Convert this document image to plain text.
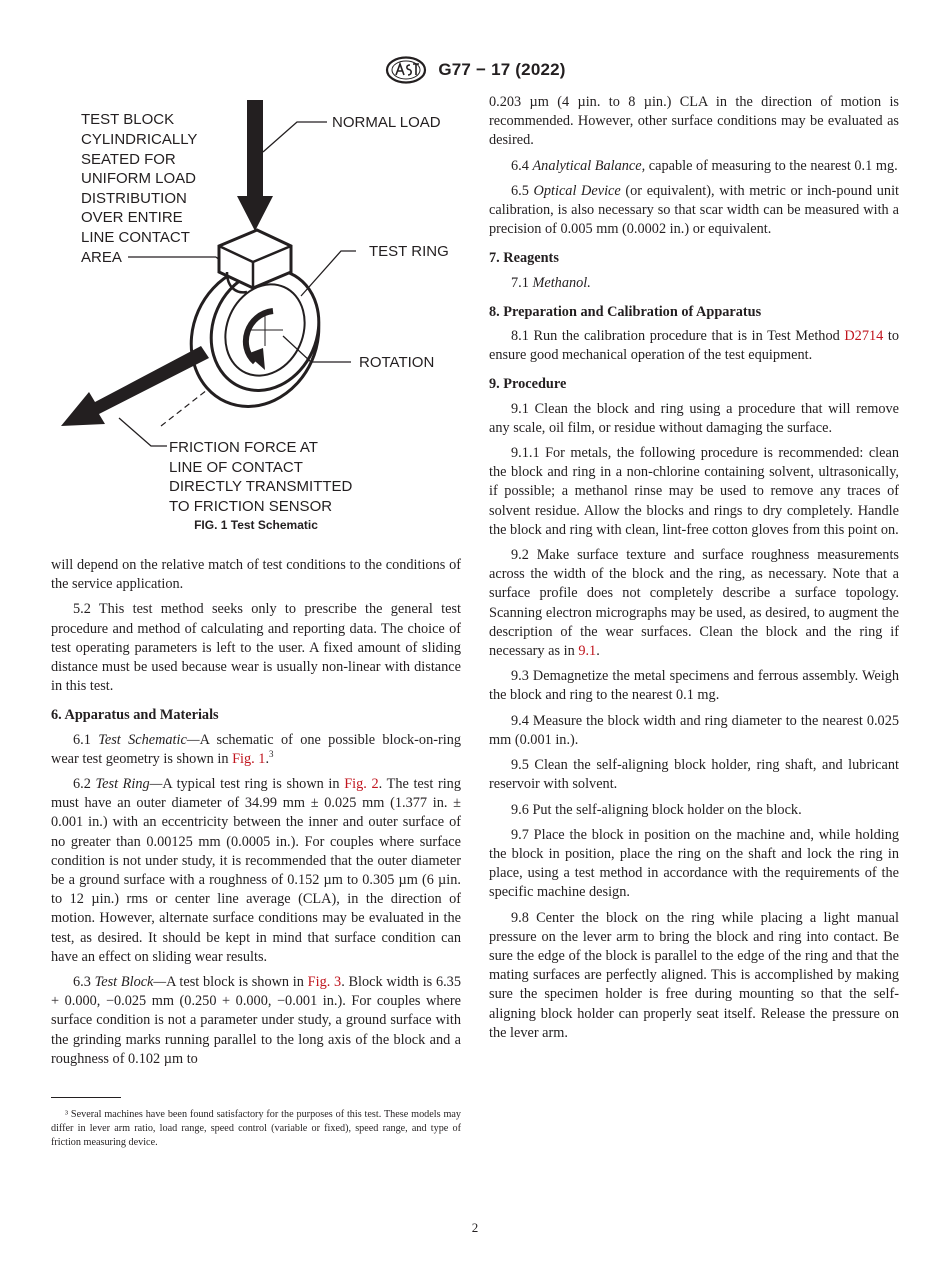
G77 − 17 (2022)
TEST BLOCK
CYLINDRICALLY
SEATED FOR
UNIFORM LOAD
DISTRIBUTION
OVER ENTIRE
LINE CONTACT
AREA
NORMAL LOAD
TEST RING
ROTATION
FRICTION FORCE AT
LINE OF CONTACT
DIRECTLY TRANSMITTED
TO FRICTION SENSOR
FIG. 1 Test Schematic

will depend on the relative match of test conditions to the conditions of the service application.

5.2 This test method seeks only to prescribe the general test procedure and method of calculating and reporting data. The choice of test operating parameters is left to the user. A fixed amount of sliding distance must be used because wear is usually non-linear with distance in this test.

6. Apparatus and Materials

6.1 Test Schematic—A schematic of one possible block-on-ring wear test geometry is shown in Fig. 1.$^3$

6.2 Test Ring—A typical test ring is shown in Fig. 2. The test ring must have an outer diameter of 34.99 mm ± 0.025 mm (1.377 in. ± 0.001 in.) with an eccentricity between the inner and outer surface of no greater than 0.00125 mm (0.0005 in.). For couples where surface condition is not under study, it is recommended that the outer diameter be a ground surface with a roughness of 0.152 µm to 0.305 µm (6 µin. to 12 µin.) rms or center line average (CLA), in the direction of motion. However, alternate surface conditions may be evaluated in the test, as desired. It should be kept in mind that surface condition can have an effect on sliding wear results.

6.3 Test Block—A test block is shown in Fig. 3. Block width is 6.35 + 0.000, −0.025 mm (0.250 + 0.000, −0.001 in.). For couples where surface condition is not a parameter under study, a ground surface with the grinding marks running parallel to the long axis of the block and a roughness of 0.102 µm to

³ Several machines have been found satisfactory for the purposes of this test. These models may differ in lever arm ratio, load range, speed control (variable or fixed), speed range, and type of friction measuring device.

0.203 µm (4 µin. to 8 µin.) CLA in the direction of motion is recommended. However, other surface conditions may be evaluated as desired.

6.4 Analytical Balance, capable of measuring to the nearest 0.1 mg.

6.5 Optical Device (or equivalent), with metric or inch-pound unit calibration, is also necessary so that scar width can be measured with a precision of 0.005 mm (0.0002 in.) or equivalent.

7. Reagents

7.1 Methanol.

8. Preparation and Calibration of Apparatus

8.1 Run the calibration procedure that is in Test Method D2714 to ensure good mechanical operation of the test equipment.

9. Procedure

9.1 Clean the block and ring using a procedure that will remove any scale, oil film, or residue without damaging the surface.

9.1.1 For metals, the following procedure is recommended: clean the block and ring in a non-chlorine containing solvent, ultrasonically, if possible; a methanol rinse may be used to remove any traces of solvent residue. Allow the blocks and rings to dry completely. Handle the block and ring with clean, lint-free cotton gloves from this point on.

9.2 Make surface texture and surface roughness measurements across the width of the block and the ring, as necessary. Note that a surface profile does not completely describe a surface topology. Scanning electron micrographs may be used, as desired, to augment the description of the wear surfaces. Clean the block and the ring if necessary as in 9.1.

9.3 Demagnetize the metal specimens and ferrous assembly. Weigh the block and ring to the nearest 0.1 mg.

9.4 Measure the block width and ring diameter to the nearest 0.025 mm (0.001 in.).

9.5 Clean the self-aligning block holder, ring shaft, and lubricant reservoir with solvent.

9.6 Put the self-aligning block holder on the block.

9.7 Place the block in position on the machine and, while holding the block in position, place the ring on the shaft and lock the ring in place, using a test method in accordance with the requirements of the specific machine design.

9.8 Center the block on the ring while placing a light manual pressure on the lever arm to bring the block and ring into contact. Be sure the edge of the block is parallel to the edge of the ring and that the mating surfaces are perfectly aligned. This is accomplished by making sure the specimen holder is free during mounting so that the self-aligning block holder can properly seat itself. Release the pressure on the lever arm.

2
